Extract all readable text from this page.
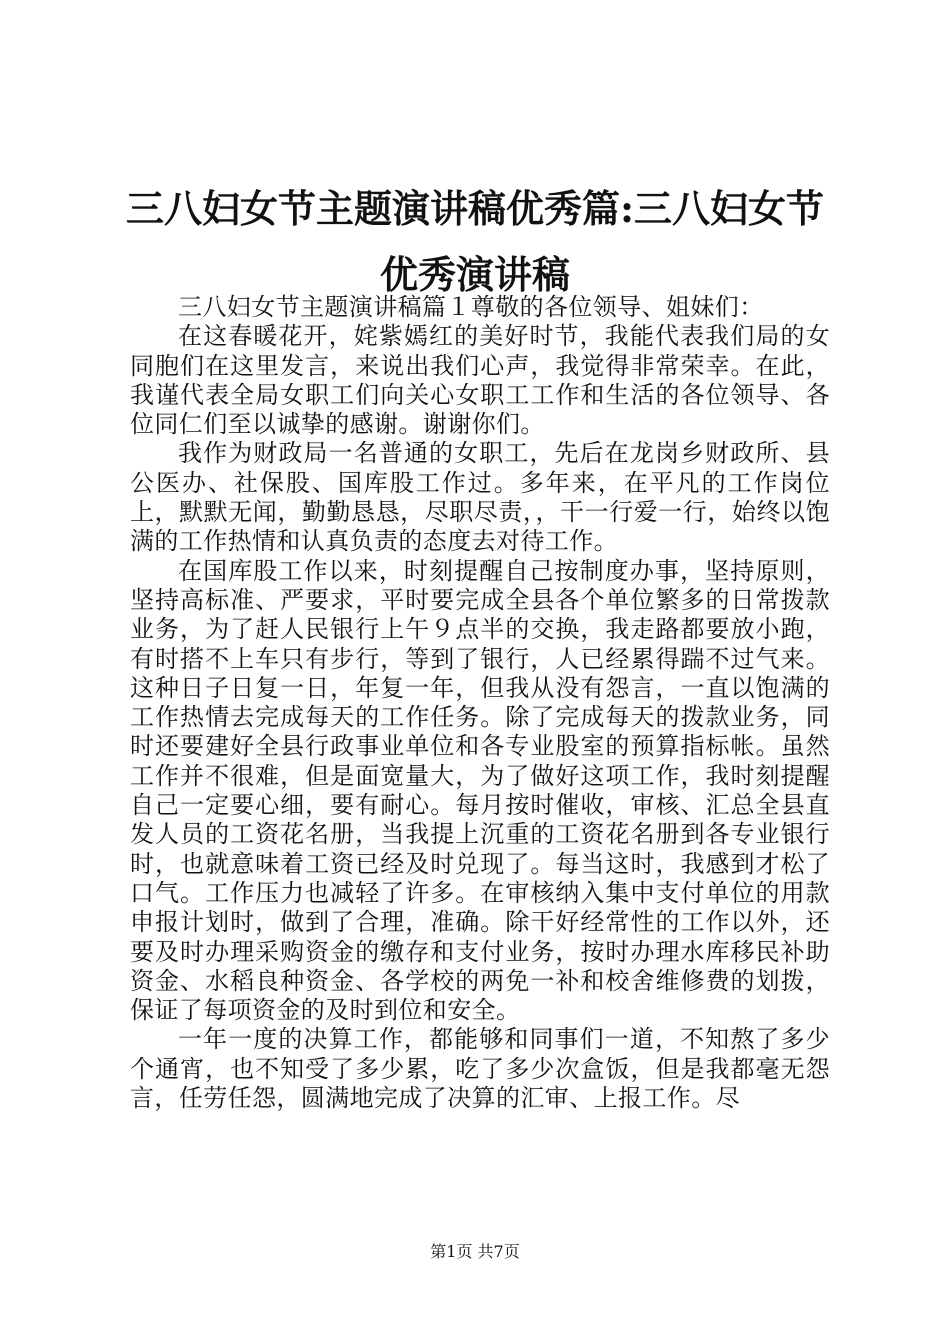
三八妇女节主题演讲稿优秀篇:三八妇女节优秀演讲稿

三八妇女节主题演讲稿篇１尊敬的各位领导、姐妹们：

在这春暖花开，姹紫嫣红的美好时节，我能代表我们局的女同胞们在这里发言，来说出我们心声，我觉得非常荣幸。在此，我谨代表全局女职工们向关心女职工工作和生活的各位领导、各位同仁们至以诚挚的感谢。谢谢你们。

我作为财政局一名普通的女职工，先后在龙岗乡财政所、县公医办、社保股、国库股工作过。多年来，在平凡的工作岗位上，默默无闻，勤勤恳恳，尽职尽责，，干一行爱一行，始终以饱满的工作热情和认真负责的态度去对待工作。

在国库股工作以来，时刻提醒自己按制度办事，坚持原则，坚持高标准、严要求，平时要完成全县各个单位繁多的日常拨款业务，为了赶人民银行上午９点半的交换，我走路都要放小跑，有时搭不上车只有步行，等到了银行，人已经累得踹不过气来。这种日子日复一日，年复一年，但我从没有怨言，一直以饱满的工作热情去完成每天的工作任务。除了完成每天的拨款业务，同时还要建好全县行政事业单位和各专业股室的预算指标帐。虽然工作并不很难，但是面宽量大，为了做好这项工作，我时刻提醒自己一定要心细，要有耐心。每月按时催收，审核、汇总全县直发人员的工资花名册，当我提上沉重的工资花名册到各专业银行时，也就意味着工资已经及时兑现了。每当这时，我感到才松了口气。工作压力也减轻了许多。在审核纳入集中支付单位的用款申报计划时，做到了合理，准确。除干好经常性的工作以外，还要及时办理采购资金的缴存和支付业务，按时办理水库移民补助资金、水稻良种资金、各学校的两免一补和校舍维修费的划拨，保证了每项资金的及时到位和安全。

一年一度的决算工作，都能够和同事们一道，不知熬了多少个通宵，也不知受了多少累，吃了多少次盒饭，但是我都毫无怨言，任劳任怨，圆满地完成了决算的汇审、上报工作。尽

第1页 共7页
